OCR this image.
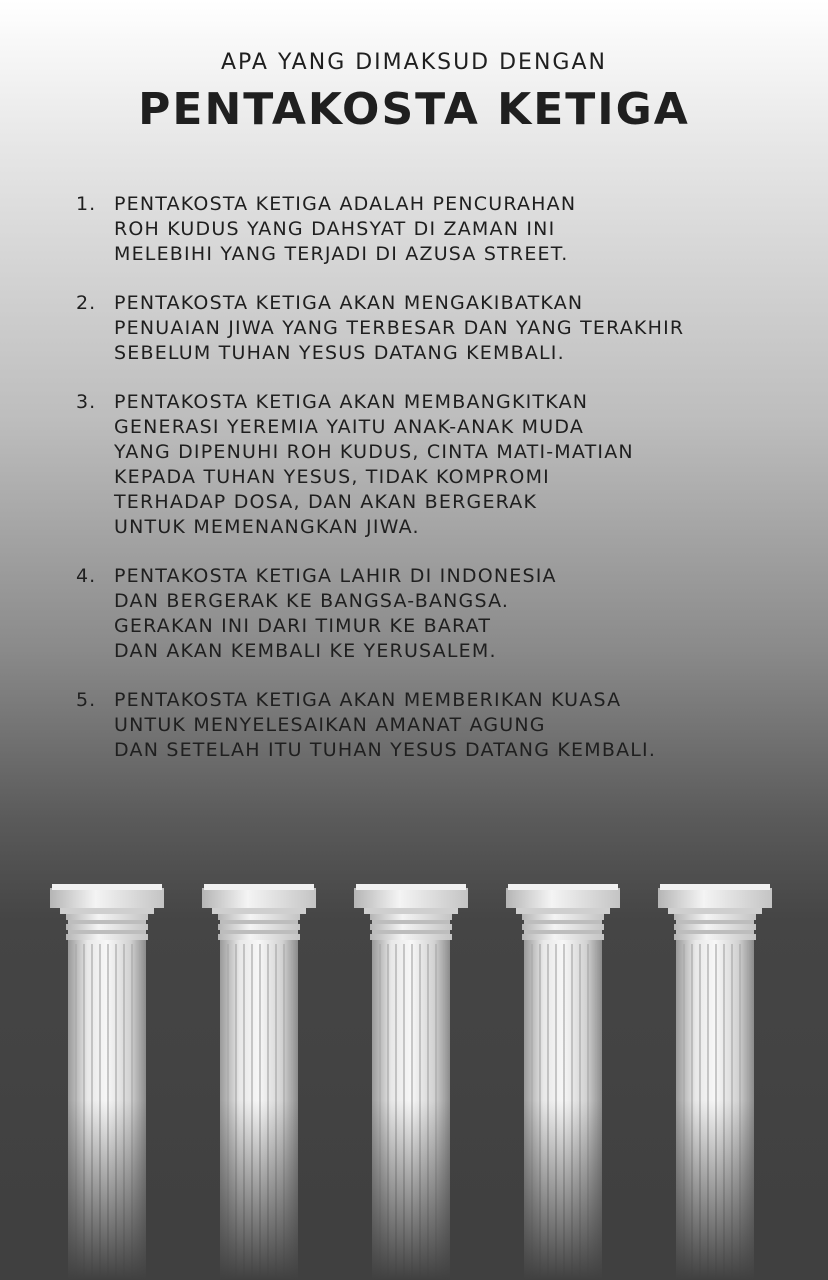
APA YANG DIMAKSUD DENGAN
PENTAKOSTA KETIGA
1. PENTAKOSTA KETIGA ADALAH PENCURAHAN
ROH KUDUS YANG DAHSYAT DI ZAMAN INI
MELEBIHI YANG TERJADI DI AZUSA STREET.
2. PENTAKOSTA KETIGA AKAN MENGAKIBATKAN
PENUAIAN JIWA YANG TERBESAR DAN YANG TERAKHIR
SEBELUM TUHAN YESUS DATANG KEMBALI.
3. PENTAKOSTA KETIGA AKAN MEMBANGKITKAN
GENERASI YEREMIA YAITU ANAK-ANAK MUDA
YANG DIPENUHI ROH KUDUS, CINTA MATI-MATIAN
KEPADA TUHAN YESUS, TIDAK KOMPROMI
TERHADAP DOSA, DAN AKAN BERGERAK
UNTUK MEMENANGKAN JIWA.
4. PENTAKOSTA KETIGA LAHIR DI INDONESIA
DAN BERGERAK KE BANGSA-BANGSA.
GERAKAN INI DARI TIMUR KE BARAT
DAN AKAN KEMBALI KE YERUSALEM.
5. PENTAKOSTA KETIGA AKAN MEMBERIKAN KUASA
UNTUK MENYELESAIKAN AMANAT AGUNG
DAN SETELAH ITU TUHAN YESUS DATANG KEMBALI.
